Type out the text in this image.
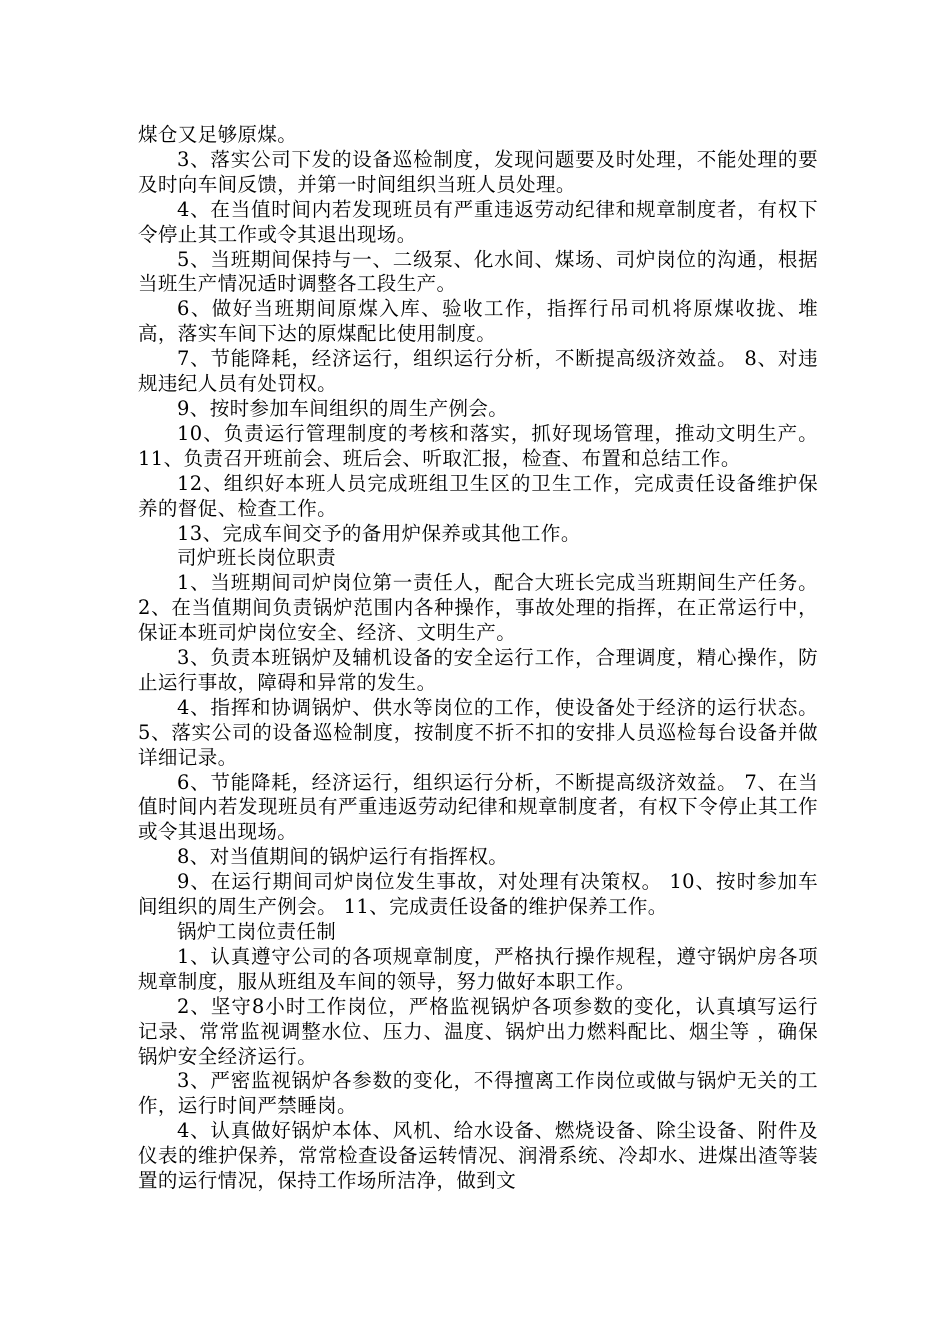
煤仓又足够原煤。

3、落实公司下发的设备巡检制度，发现问题要及时处理，不能处理的要及时向车间反馈，并第一时间组织当班人员处理。

4、在当值时间内若发现班员有严重违返劳动纪律和规章制度者，有权下令停止其工作或令其退出现场。

5、当班期间保持与一、二级泵、化水间、煤场、司炉岗位的沟通，根据当班生产情况适时调整各工段生产。

6、做好当班期间原煤入库、验收工作，指挥行吊司机将原煤收拢、堆高，落实车间下达的原煤配比使用制度。

7、节能降耗，经济运行，组织运行分析，不断提高级济效益。 8、对违规违纪人员有处罚权。

9、按时参加车间组织的周生产例会。

10、负责运行管理制度的考核和落实，抓好现场管理，推动文明生产。 11、负责召开班前会、班后会、听取汇报，检查、布置和总结工作。

12、组织好本班人员完成班组卫生区的卫生工作，完成责任设备维护保养的督促、检查工作。

13、完成车间交予的备用炉保养或其他工作。

司炉班长岗位职责

1、当班期间司炉岗位第一责任人，配合大班长完成当班期间生产任务。 2、在当值期间负责锅炉范围内各种操作，事故处理的指挥，在正常运行中，保证本班司炉岗位安全、经济、文明生产。

3、负责本班锅炉及辅机设备的安全运行工作，合理调度，精心操作，防止运行事故，障碍和异常的发生。

4、指挥和协调锅炉、供水等岗位的工作，使设备处于经济的运行状态。 5、落实公司的设备巡检制度，按制度不折不扣的安排人员巡检每台设备并做详细记录。

6、节能降耗，经济运行，组织运行分析，不断提高级济效益。 7、在当值时间内若发现班员有严重违返劳动纪律和规章制度者，有权下令停止其工作或令其退出现场。

8、对当值期间的锅炉运行有指挥权。

9、在运行期间司炉岗位发生事故，对处理有决策权。 10、按时参加车间组织的周生产例会。 11、完成责任设备的维护保养工作。

锅炉工岗位责任制

1、认真遵守公司的各项规章制度，严格执行操作规程，遵守锅炉房各项规章制度，服从班组及车间的领导，努力做好本职工作。

2、坚守8小时工作岗位，严格监视锅炉各项参数的变化，认真填写运行记录、常常监视调整水位、压力、温度、锅炉出力燃料配比、烟尘等 ，确保锅炉安全经济运行。

3、严密监视锅炉各参数的变化，不得擅离工作岗位或做与锅炉无关的工作，运行时间严禁睡岗。

4、认真做好锅炉本体、风机、给水设备、燃烧设备、除尘设备、附件及仪表的维护保养，常常检查设备运转情况、润滑系统、冷却水、进煤出渣等装置的运行情况，保持工作场所洁净，做到文
